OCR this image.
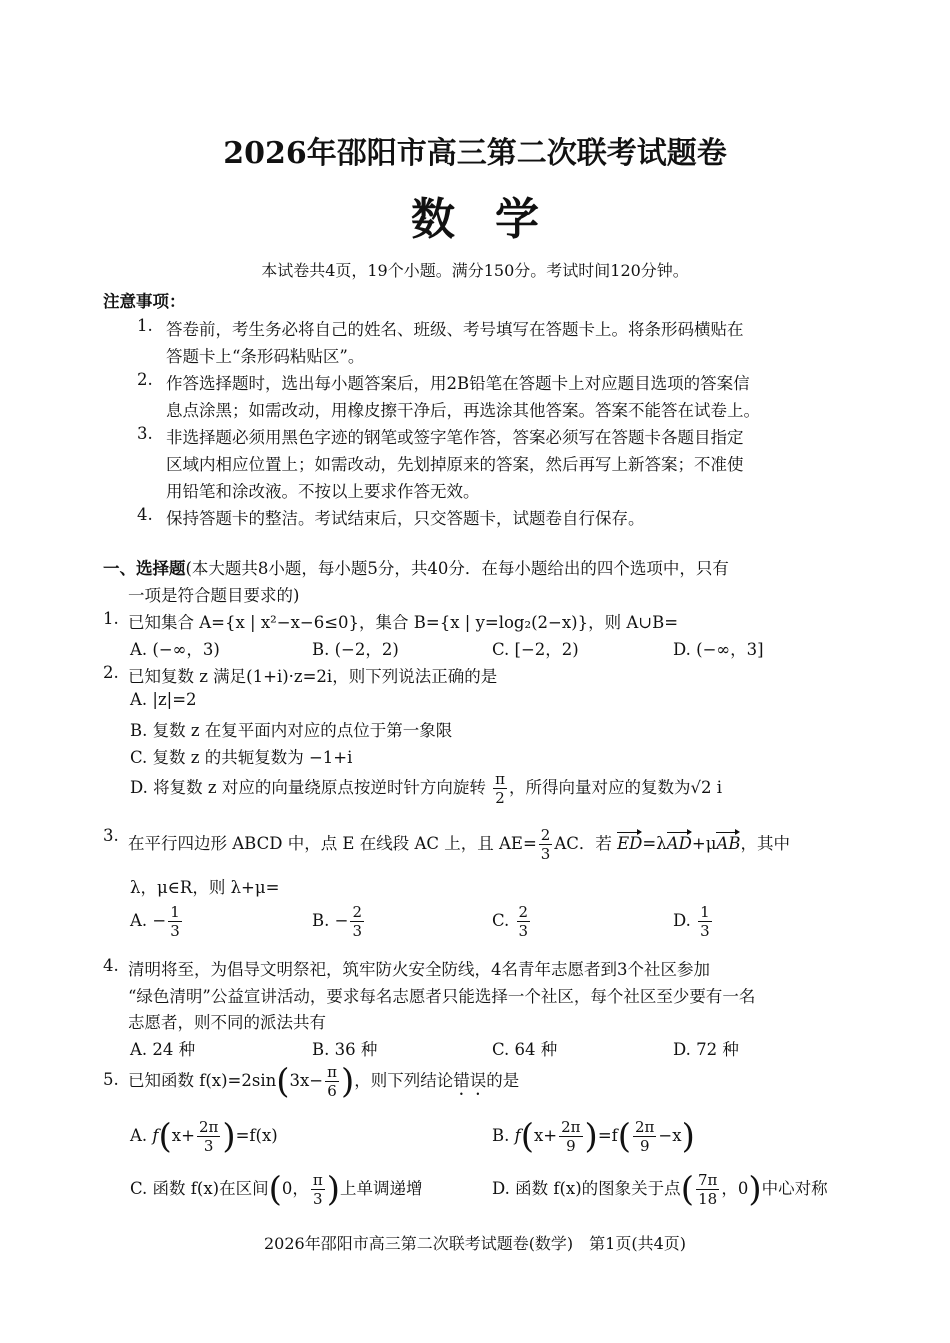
2026年邵阳市高三第二次联考试题卷
数学
本试卷共4页，19个小题。满分150分。考试时间120分钟。
注意事项：
1. 答卷前，考生务必将自己的姓名、班级、考号填写在答题卡上。将条形码横贴在
答题卡上“条形码粘贴区”。
2. 作答选择题时，选出每小题答案后，用2B铅笔在答题卡上对应题目选项的答案信
息点涂黑；如需改动，用橡皮擦干净后，再选涂其他答案。答案不能答在试卷上。
3. 非选择题必须用黑色字迹的钢笔或签字笔作答，答案必须写在答题卡各题目指定
区域内相应位置上；如需改动，先划掉原来的答案，然后再写上新答案；不准使
用铅笔和涂改液。不按以上要求作答无效。
4. 保持答题卡的整洁。考试结束后，只交答题卡，试题卷自行保存。
一、选择题(本大题共8小题，每小题5分，共40分．在每小题给出的四个选项中，只有
一项是符合题目要求的)
1. 已知集合 A={x | x²−x−6≤0}，集合 B={x | y=log₂(2−x)}，则 A∪B=
A. (−∞，3)	B. (−2，2)	C. [−2，2)	D. (−∞，3]
2. 已知复数 z 满足(1+i)·z=2i，则下列说法正确的是
A. |z|=2
B. 复数 z 在复平面内对应的点位于第一象限
C. 复数 z 的共轭复数为 −1+i
D. 将复数 z 对应的向量绕原点按逆时针方向旋转 $\frac{\pi}{2}$ ，所得向量对应的复数为√2 i
3. 在平行四边形 ABCD 中，点 E 在线段 AC 上，且 $AE= \frac{2}{3}$ AC．若 ED=λAD+μAB，其中
λ，μ∈R，则 λ+μ=
A. − $\frac{1}{3}$	B. − $\frac{2}{3}$	C. $\frac{2}{3}$	D. $\frac{1}{3}$
4. 清明将至，为倡导文明祭祀，筑牢防火安全防线，4名青年志愿者到3个社区参加
“绿色清明”公益宣讲活动，要求每名志愿者只能选择一个社区，每个社区至少要有一名
志愿者，则不同的派法共有
A. 24 种	B. 36 种	C. 64 种	D. 72 种
5. 已知函数 $f(x)=2\sin(3x- \frac{\pi}{6}$ )，则下列结论错误的是
A. $f(x+ \frac{2\pi}{3} )=f(x)$	B. $f(x+ \frac{2\pi}{9} )=f( \frac{2\pi}{9} -x)$
C. 函数 f(x)在区间(0， $\frac{\pi}{3}$ )上单调递增	D. 函数 f(x)的图象关于点( $\frac{7\pi}{18}$ ，0)中心对称
2026年邵阳市高三第二次联考试题卷(数学)　第1页(共4页)
